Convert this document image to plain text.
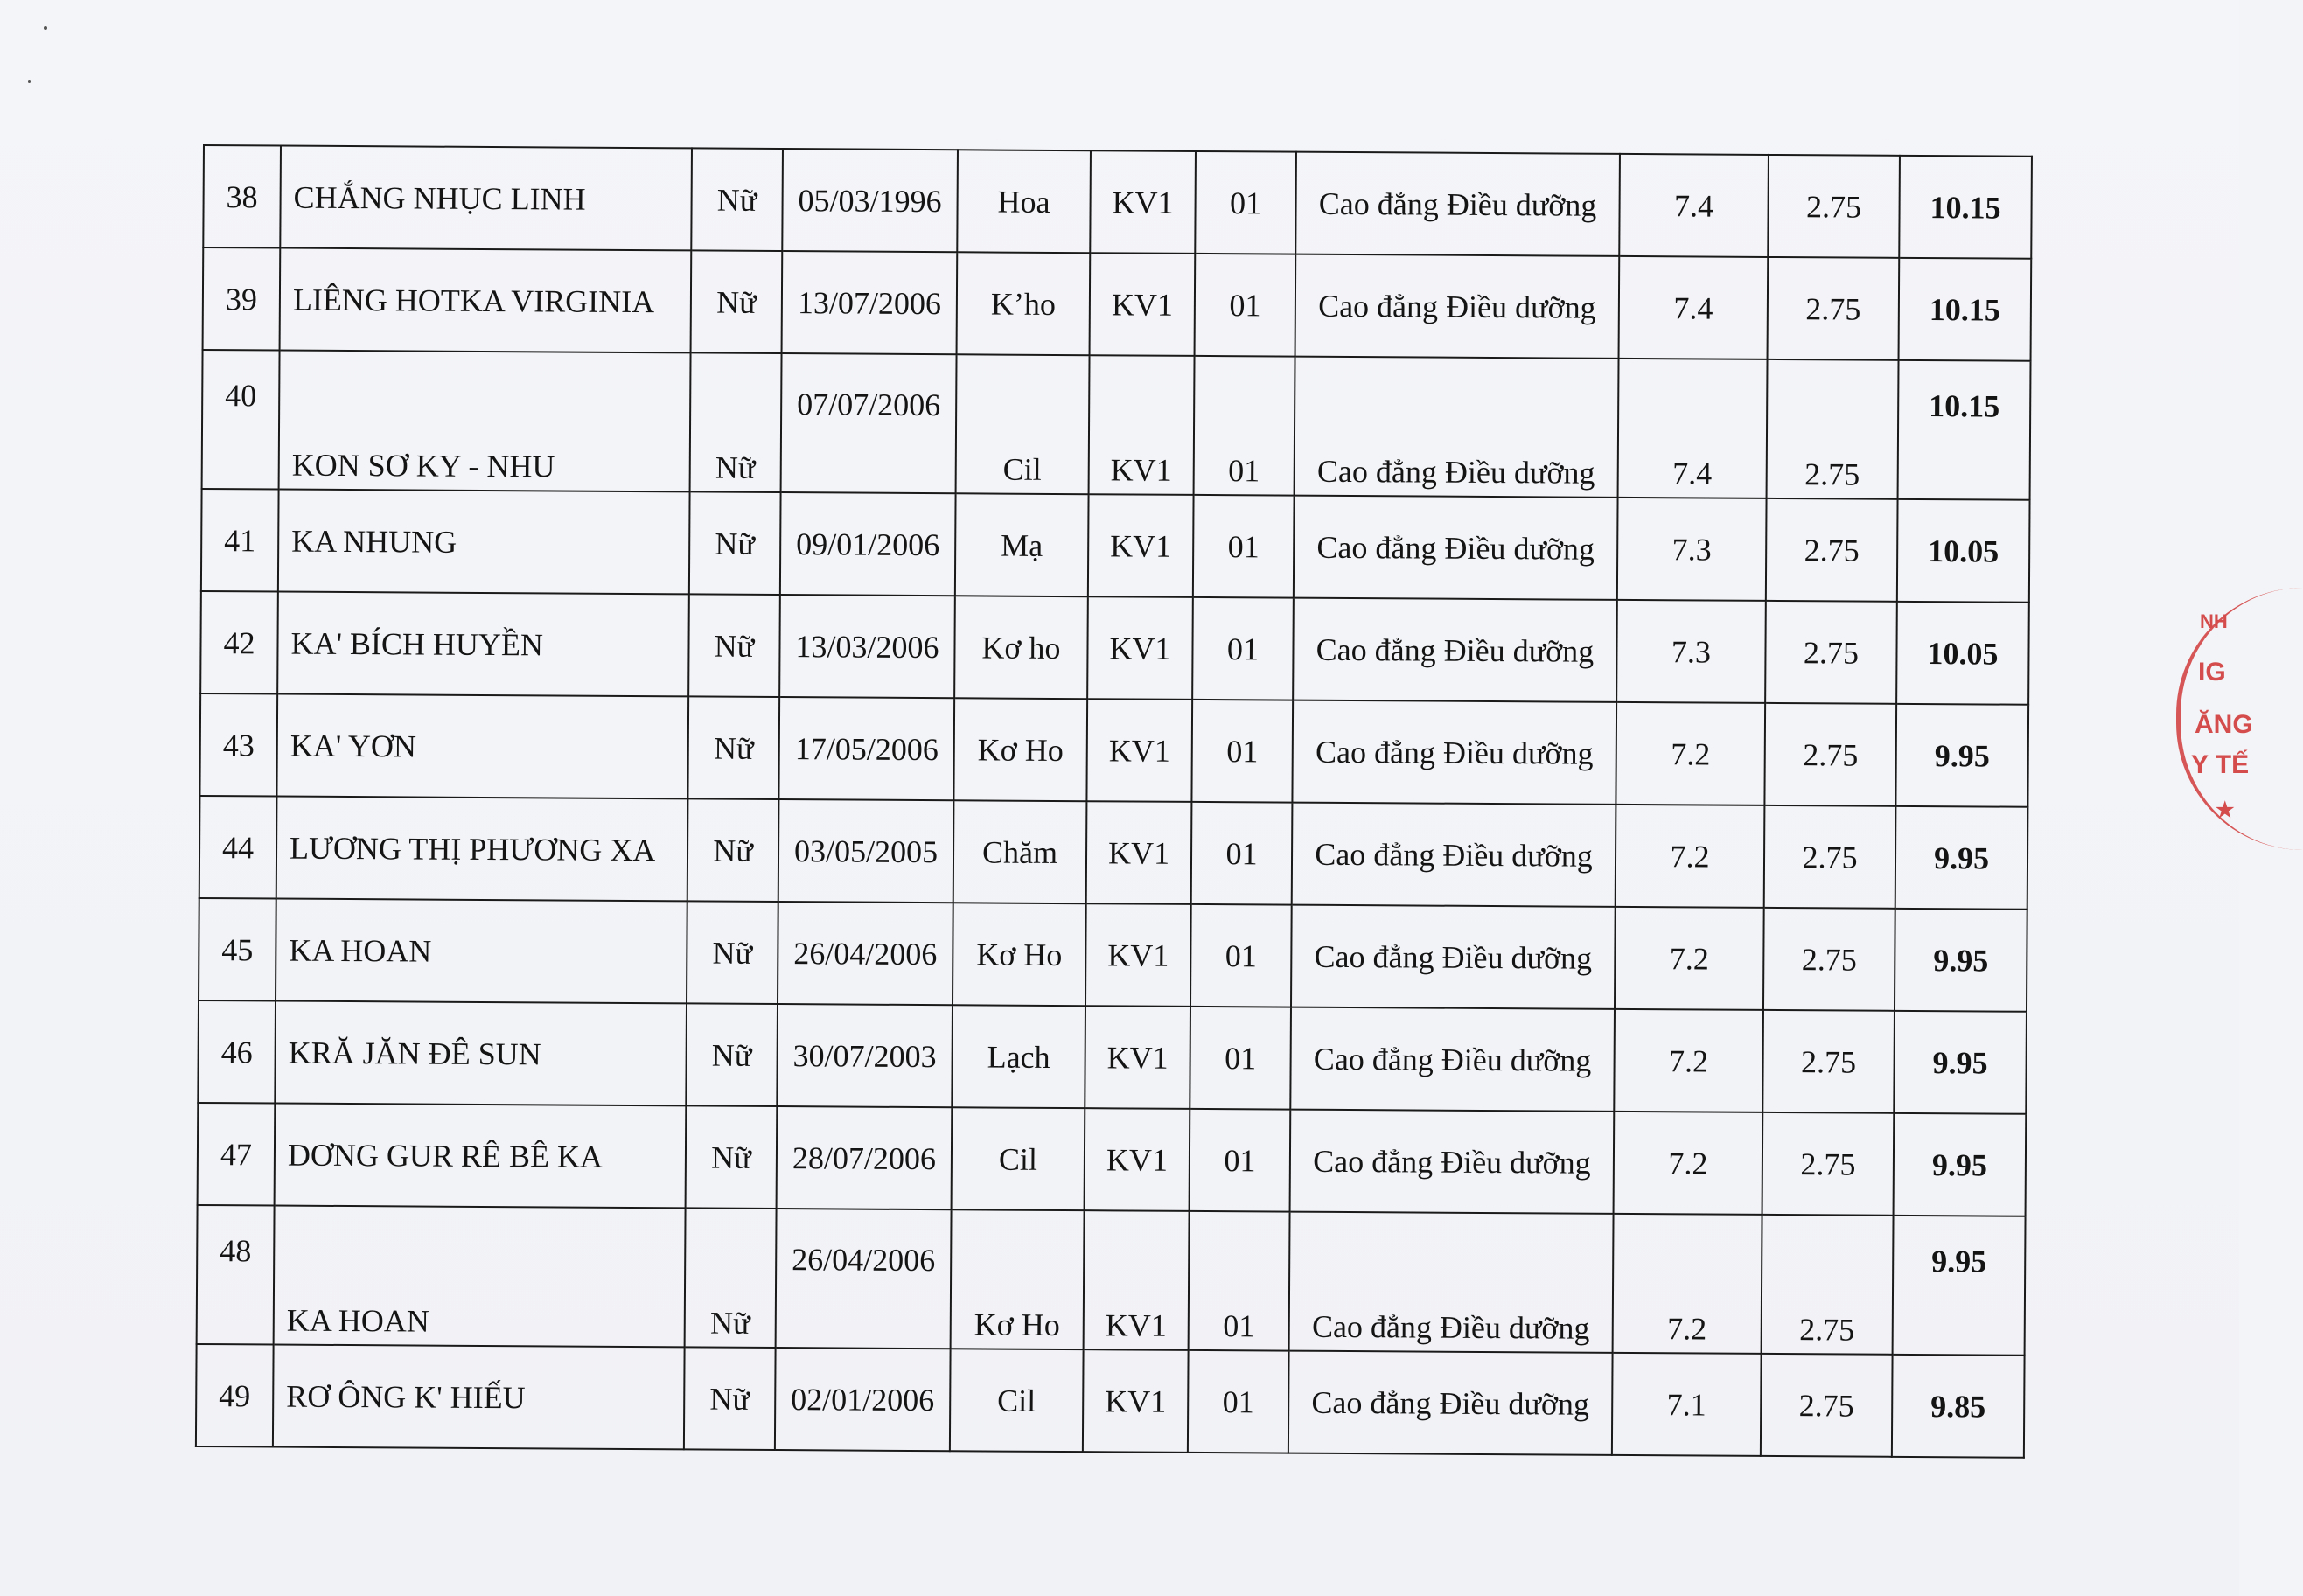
38	CHẮNG NHỤC LINH	Nữ	05/03/1996	Hoa	KV1	01	Cao đẳng Điều dưỡng	7.4	2.75	10.15
39	LIÊNG HOTKA VIRGINIA	Nữ	13/07/2006	K’ho	KV1	01	Cao đẳng Điều dưỡng	7.4	2.75	10.15
40	KON SƠ KY - NHU	Nữ	07/07/2006	Cil	KV1	01	Cao đẳng Điều dưỡng	7.4	2.75	10.15
41	KA NHUNG	Nữ	09/01/2006	Mạ	KV1	01	Cao đẳng Điều dưỡng	7.3	2.75	10.05
42	KA' BÍCH HUYỀN	Nữ	13/03/2006	Kơ ho	KV1	01	Cao đẳng Điều dưỡng	7.3	2.75	10.05
43	KA' YƠN	Nữ	17/05/2006	Kơ Ho	KV1	01	Cao đẳng Điều dưỡng	7.2	2.75	9.95
44	LƯƠNG THỊ PHƯƠNG XA	Nữ	03/05/2005	Chăm	KV1	01	Cao đẳng Điều dưỡng	7.2	2.75	9.95
45	KA HOAN	Nữ	26/04/2006	Kơ Ho	KV1	01	Cao đẳng Điều dưỡng	7.2	2.75	9.95
46	KRĂ JĂN ĐÊ SUN	Nữ	30/07/2003	Lạch	KV1	01	Cao đẳng Điều dưỡng	7.2	2.75	9.95
47	DƠNG GUR RÊ BÊ KA	Nữ	28/07/2006	Cil	KV1	01	Cao đẳng Điều dưỡng	7.2	2.75	9.95
48	KA HOAN	Nữ	26/04/2006	Kơ Ho	KV1	01	Cao đẳng Điều dưỡng	7.2	2.75	9.95
49	RƠ ÔNG K' HIẾU	Nữ	02/01/2006	Cil	KV1	01	Cao đẳng Điều dưỡng	7.1	2.75	9.85
NH
IG
ĂNG
Y TẾ
★
